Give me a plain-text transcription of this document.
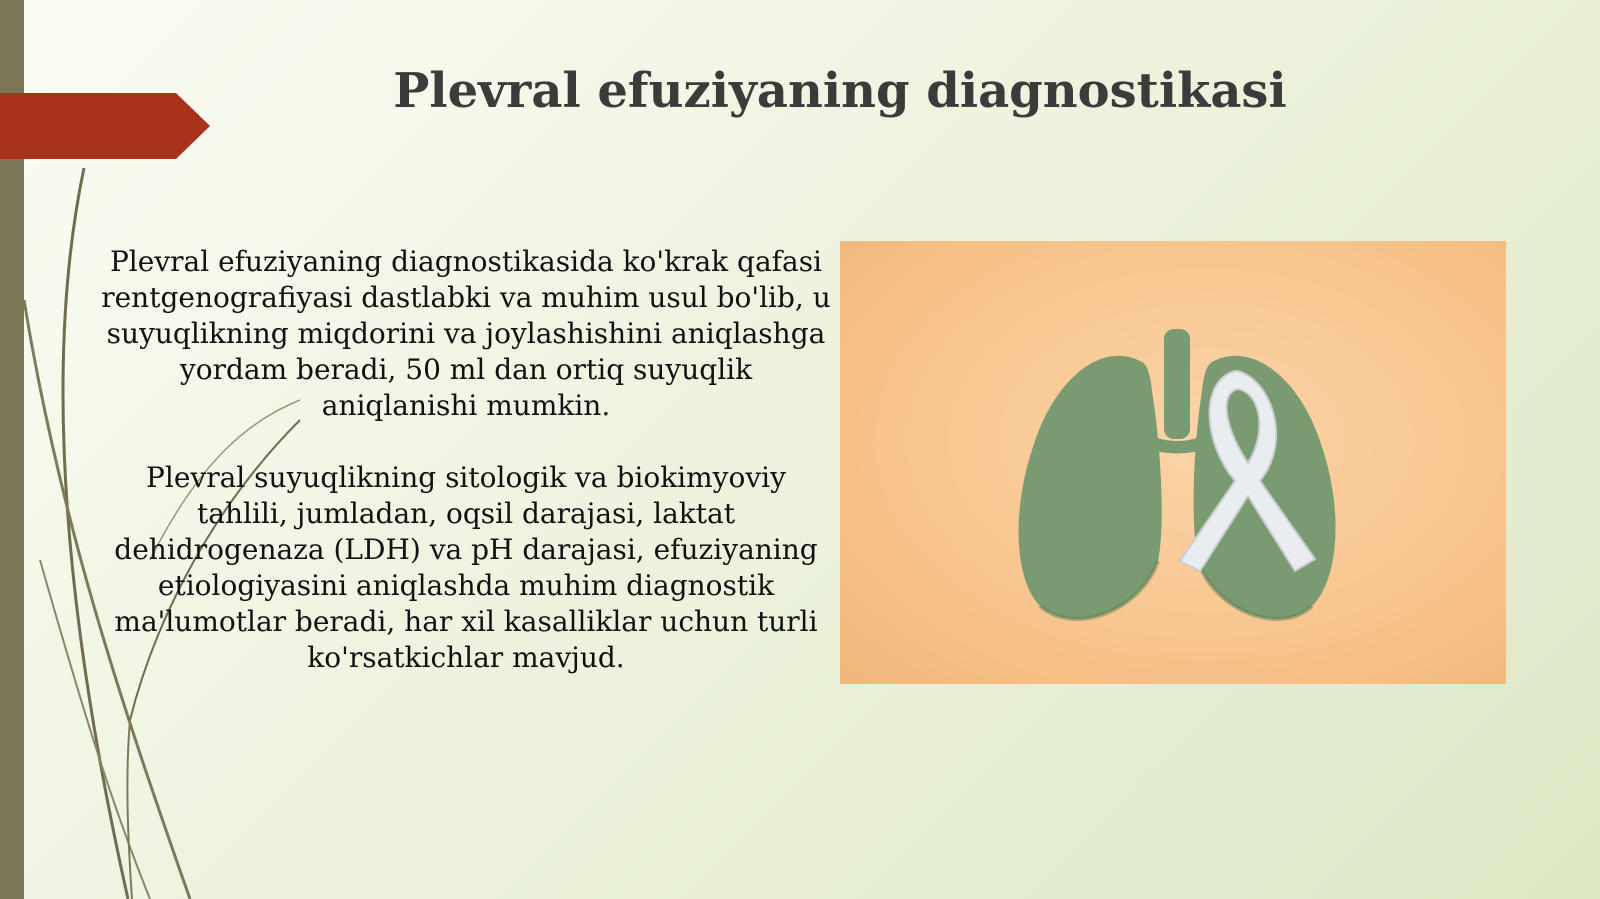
Plevral efuziyaning diagnostikasi

Plevral efuziyaning diagnostikasida ko'krak qafasi rentgenografiyasi dastlabki va muhim usul bo'lib, u suyuqlikning miqdorini va joylashishini aniqlashga yordam beradi, 50 ml dan ortiq suyuqlik aniqlanishi mumkin.

Plevral suyuqlikning sitologik va biokimyoviy tahlili, jumladan, oqsil darajasi, laktat dehidrogenaza (LDH) va pH darajasi, efuziyaning etiologiyasini aniqlashda muhim diagnostik ma'lumotlar beradi, har xil kasalliklar uchun turli ko'rsatkichlar mavjud.
